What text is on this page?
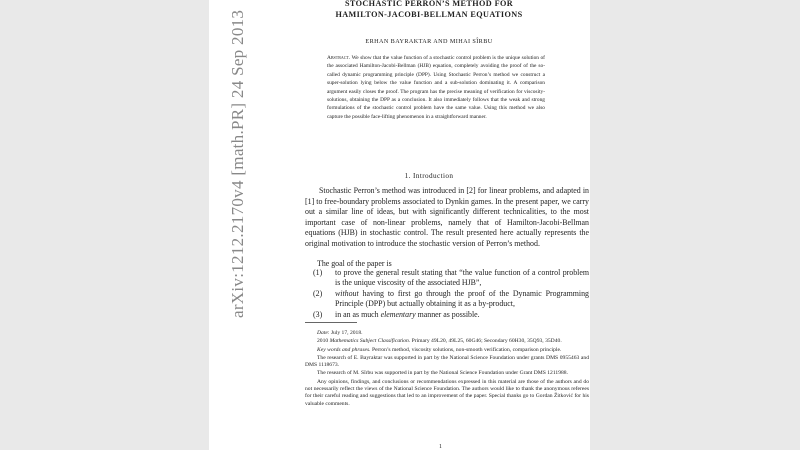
arXiv:1212.2170v4 [math.PR] 24 Sep 2013
STOCHASTIC PERRON’S METHOD FOR
HAMILTON-JACOBI-BELLMAN EQUATIONS
ERHAN BAYRAKTAR AND MIHAI SÎRBU
Abstract. We show that the value function of a stochastic control problem is the unique solution of the associated Hamilton-Jacobi-Bellman (HJB) equation, completely avoiding the proof of the so-called dynamic programming principle (DPP). Using Stochastic Perron’s method we construct a super-solution lying below the value function and a sub-solution dominating it. A comparison argument easily closes the proof. The program has the precise meaning of verification for viscosity-solutions, obtaining the DPP as a conclusion. It also immediately follows that the weak and strong formulations of the stochastic control problem have the same value. Using this method we also capture the possible face-lifting phenomenon in a straightforward manner.
1. Introduction
Stochastic Perron’s method was introduced in [2] for linear problems, and adapted in [1] to free-boundary problems associated to Dynkin games. In the present paper, we carry out a similar line of ideas, but with significantly different technicalities, to the most important case of non-linear problems, namely that of Hamilton-Jacobi-Bellman equations (HJB) in stochastic control. The result presented here actually represents the original motivation to introduce the stochastic version of Perron’s method.
The goal of the paper is
(1) to prove the general result stating that “the value function of a control problem is the unique viscosity of the associated HJB”,
(2) without having to first go through the proof of the Dynamic Programming Principle (DPP) but actually obtaining it as a by-product,
(3) in an as much elementary manner as possible.

Date: July 17, 2018.

2010 Mathematics Subject Classification. Primary 49L20, 49L25, 60G46; Secondary 60H30, 35Q93, 35D40.

Key words and phrases. Perron’s method, viscosity solutions, non-smooth verification, comparison principle.

The research of E. Bayraktar was supported in part by the National Science Foundation under grants DMS 0955463 and DMS 1118673.

The research of M. Sîrbu was supported in part by the National Science Foundation under Grant DMS 1211988.

Any opinions, findings, and conclusions or recommendations expressed in this material are those of the authors and do not necessarily reflect the views of the National Science Foundation. The authors would like to thank the anonymous referees for their careful reading and suggestions that led to an improvement of the paper. Special thanks go to Gordan Žitković for his valuable comments.

1
